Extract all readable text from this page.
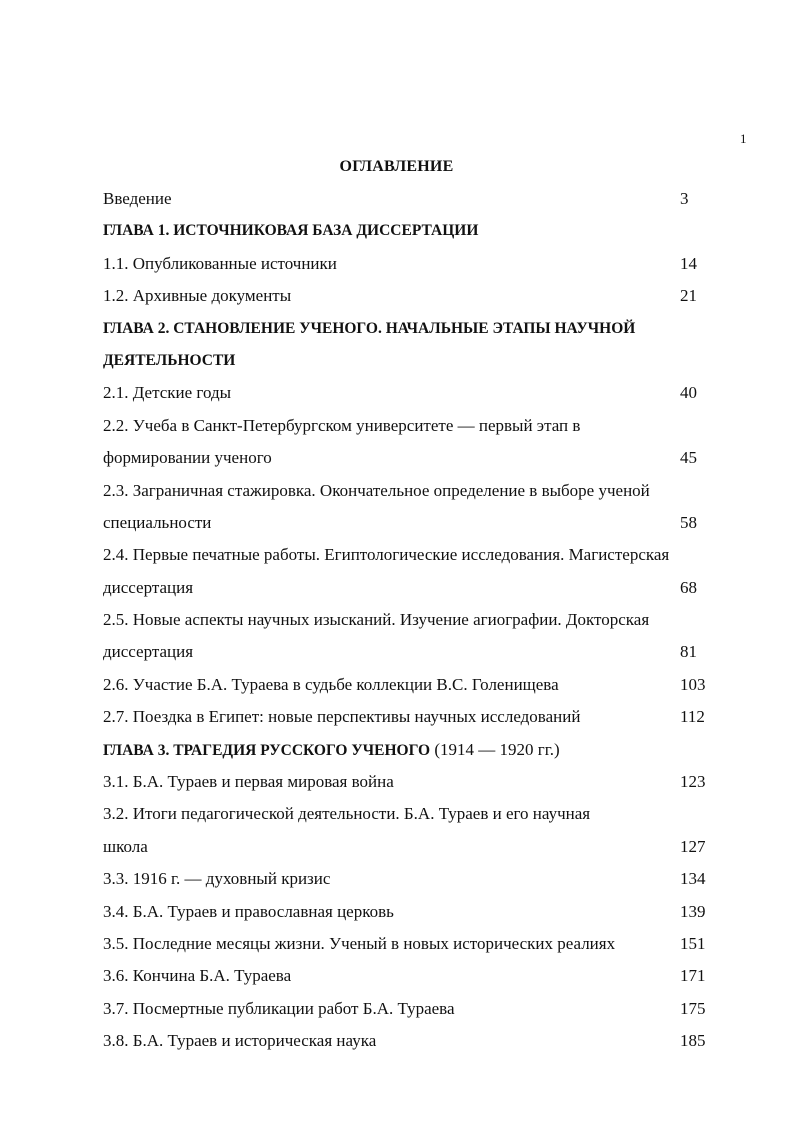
1
ОГЛАВЛЕНИЕ
Введение	3
ГЛАВА 1. ИСТОЧНИКОВАЯ БАЗА ДИССЕРТАЦИИ
1.1. Опубликованные источники	14
1.2. Архивные документы	21
ГЛАВА 2. СТАНОВЛЕНИЕ УЧЕНОГО. НАЧАЛЬНЫЕ ЭТАПЫ НАУЧНОЙ
ДЕЯТЕЛЬНОСТИ
2.1. Детские годы	40
2.2. Учеба в Санкт-Петербургском университете — первый этап в
формировании ученого	45
2.3. Заграничная стажировка. Окончательное определение в выборе ученой
специальности	58
2.4. Первые печатные работы. Египтологические исследования. Магистерская
диссертация	68
2.5. Новые аспекты научных изысканий. Изучение агиографии. Докторская
диссертация	81
2.6. Участие Б.А. Тураева в судьбе коллекции В.С. Голенищева	103
2.7. Поездка в Египет: новые перспективы научных исследований	112
ГЛАВА 3. ТРАГЕДИЯ РУССКОГО УЧЕНОГО (1914 — 1920 гг.)
3.1. Б.А. Тураев и первая мировая война	123
3.2. Итоги педагогической деятельности. Б.А. Тураев и его научная
школа	127
3.3. 1916 г. — духовный кризис	134
3.4. Б.А. Тураев и православная церковь	139
3.5. Последние месяцы жизни. Ученый в новых исторических реалиях	151
3.6. Кончина Б.А. Тураева	171
3.7. Посмертные публикации работ Б.А. Тураева	175
3.8. Б.А. Тураев и историческая наука	185
